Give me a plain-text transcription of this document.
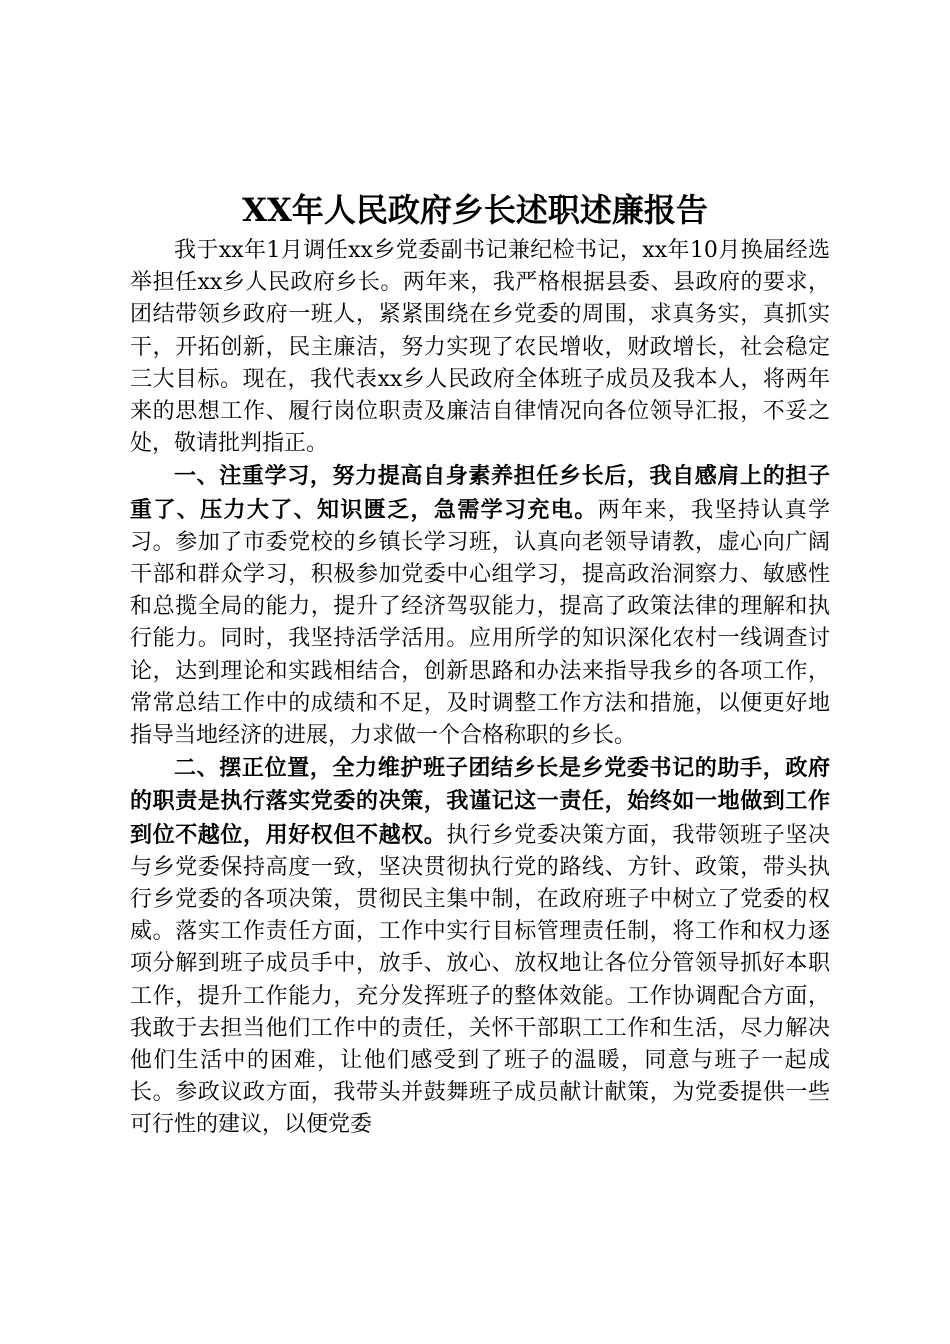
XX年人民政府乡长述职述廉报告

我于xx年1月调任xx乡党委副书记兼纪检书记，xx年10月换届经选举担任xx乡人民政府乡长。两年来，我严格根据县委、县政府的要求，团结带领乡政府一班人，紧紧围绕在乡党委的周围，求真务实，真抓实干，开拓创新，民主廉洁，努力实现了农民增收，财政增长，社会稳定三大目标。现在，我代表xx乡人民政府全体班子成员及我本人，将两年来的思想工作、履行岗位职责及廉洁自律情况向各位领导汇报，不妥之处，敬请批判指正。

一、注重学习，努力提高自身素养担任乡长后，我自感肩上的担子重了、压力大了、知识匮乏，急需学习充电。两年来，我坚持认真学习。参加了市委党校的乡镇长学习班，认真向老领导请教，虚心向广阔干部和群众学习，积极参加党委中心组学习，提高政治洞察力、敏感性和总揽全局的能力，提升了经济驾驭能力，提高了政策法律的理解和执行能力。同时，我坚持活学活用。应用所学的知识深化农村一线调查讨论，达到理论和实践相结合，创新思路和办法来指导我乡的各项工作，常常总结工作中的成绩和不足，及时调整工作方法和措施，以便更好地指导当地经济的进展，力求做一个合格称职的乡长。

二、摆正位置，全力维护班子团结乡长是乡党委书记的助手，政府的职责是执行落实党委的决策，我谨记这一责任，始终如一地做到工作到位不越位，用好权但不越权。执行乡党委决策方面，我带领班子坚决与乡党委保持高度一致，坚决贯彻执行党的路线、方针、政策，带头执行乡党委的各项决策，贯彻民主集中制，在政府班子中树立了党委的权威。落实工作责任方面，工作中实行目标管理责任制，将工作和权力逐项分解到班子成员手中，放手、放心、放权地让各位分管领导抓好本职工作，提升工作能力，充分发挥班子的整体效能。工作协调配合方面，我敢于去担当他们工作中的责任，关怀干部职工工作和生活，尽力解决他们生活中的困难，让他们感受到了班子的温暖，同意与班子一起成长。参政议政方面，我带头并鼓舞班子成员献计献策，为党委提供一些可行性的建议，以便党委
